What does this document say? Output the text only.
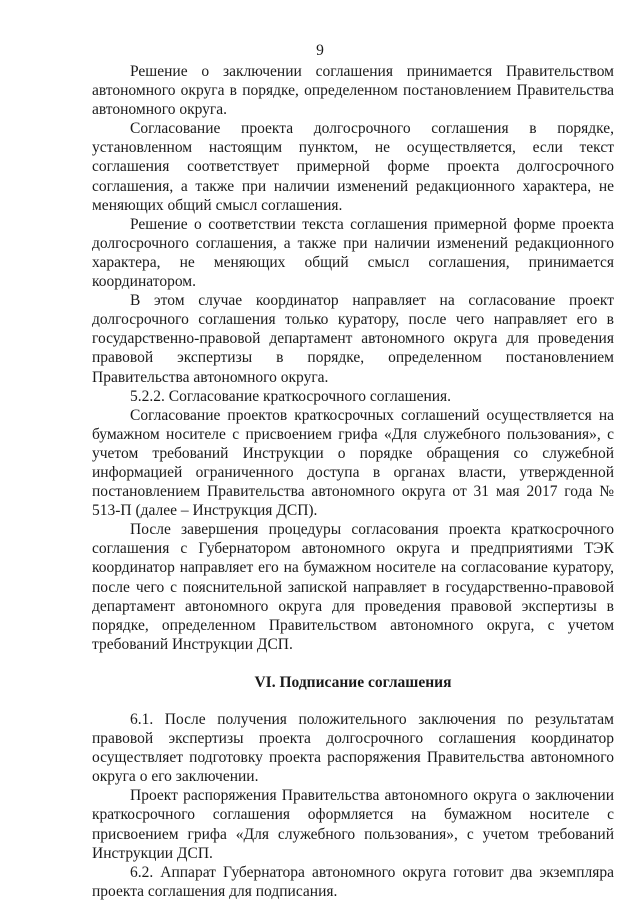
9

Решение о заключении соглашения принимается Правительством автономного округа в порядке, определенном постановлением Правительства автономного округа.

Согласование проекта долгосрочного соглашения в порядке, установленном настоящим пунктом, не осуществляется, если текст соглашения соответствует примерной форме проекта долгосрочного соглашения, а также при наличии изменений редакционного характера, не меняющих общий смысл соглашения.

Решение о соответствии текста соглашения примерной форме проекта долгосрочного соглашения, а также при наличии изменений редакционного характера, не меняющих общий смысл соглашения, принимается координатором.

В этом случае координатор направляет на согласование проект долгосрочного соглашения только куратору, после чего направляет его в государственно-правовой департамент автономного округа для проведения правовой экспертизы в порядке, определенном постановлением Правительства автономного округа.

5.2.2. Согласование краткосрочного соглашения.

Согласование проектов краткосрочных соглашений осуществляется на бумажном носителе с присвоением грифа «Для служебного пользования», с учетом требований Инструкции о порядке обращения со служебной информацией ограниченного доступа в органах власти, утвержденной постановлением Правительства автономного округа от 31 мая 2017 года № 513-П (далее – Инструкция ДСП).

После завершения процедуры согласования проекта краткосрочного соглашения с Губернатором автономного округа и предприятиями ТЭК координатор направляет его на бумажном носителе на согласование куратору, после чего с пояснительной запиской направляет в государственно-правовой департамент автономного округа для проведения правовой экспертизы в порядке, определенном Правительством автономного округа, с учетом требований Инструкции ДСП.

VI. Подписание соглашения

6.1. После получения положительного заключения по результатам правовой экспертизы проекта долгосрочного соглашения координатор осуществляет подготовку проекта распоряжения Правительства автономного округа о его заключении.

Проект распоряжения Правительства автономного округа о заключении краткосрочного соглашения оформляется на бумажном носителе с присвоением грифа «Для служебного пользования», с учетом требований Инструкции ДСП.

6.2. Аппарат Губернатора автономного округа готовит два экземпляра проекта соглашения для подписания.
